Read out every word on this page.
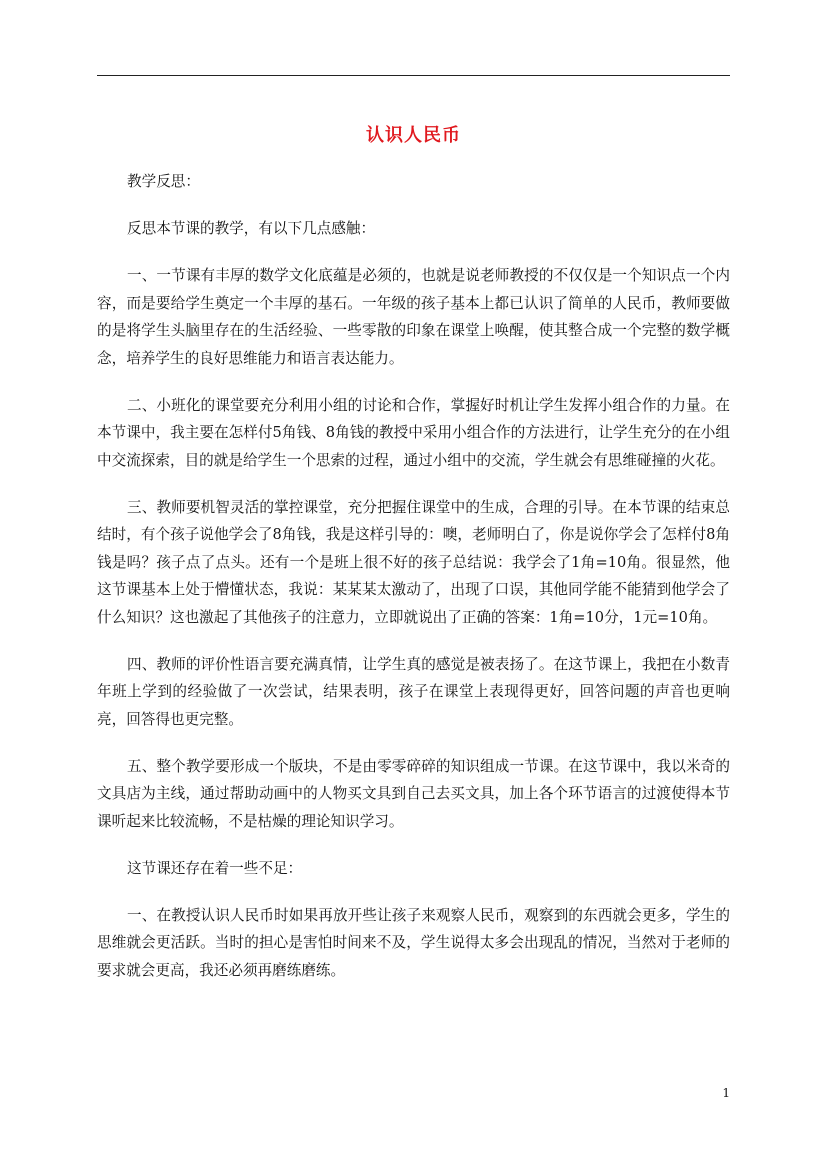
认识人民币

教学反思：

反思本节课的教学，有以下几点感触：

一、一节课有丰厚的数学文化底蕴是必须的，也就是说老师教授的不仅仅是一个知识点一个内容，而是要给学生奠定一个丰厚的基石。一年级的孩子基本上都已认识了简单的人民币，教师要做的是将学生头脑里存在的生活经验、一些零散的印象在课堂上唤醒，使其整合成一个完整的数学概念，培养学生的良好思维能力和语言表达能力。

二、小班化的课堂要充分利用小组的讨论和合作，掌握好时机让学生发挥小组合作的力量。在本节课中，我主要在怎样付5角钱、8角钱的教授中采用小组合作的方法进行，让学生充分的在小组中交流探索，目的就是给学生一个思索的过程，通过小组中的交流，学生就会有思维碰撞的火花。

三、教师要机智灵活的掌控课堂，充分把握住课堂中的生成，合理的引导。在本节课的结束总结时，有个孩子说他学会了8角钱，我是这样引导的：噢，老师明白了，你是说你学会了怎样付8角钱是吗？孩子点了点头。还有一个是班上很不好的孩子总结说：我学会了1角=10角。很显然，他这节课基本上处于懵懂状态，我说：某某某太激动了，出现了口误，其他同学能不能猜到他学会了什么知识？这也激起了其他孩子的注意力，立即就说出了正确的答案：1角=10分，1元=10角。

四、教师的评价性语言要充满真情，让学生真的感觉是被表扬了。在这节课上，我把在小数青年班上学到的经验做了一次尝试，结果表明，孩子在课堂上表现得更好，回答问题的声音也更响亮，回答得也更完整。

五、整个教学要形成一个版块，不是由零零碎碎的知识组成一节课。在这节课中，我以米奇的文具店为主线，通过帮助动画中的人物买文具到自己去买文具，加上各个环节语言的过渡使得本节课听起来比较流畅，不是枯燥的理论知识学习。

这节课还存在着一些不足：

一、在教授认识人民币时如果再放开些让孩子来观察人民币，观察到的东西就会更多，学生的思维就会更活跃。当时的担心是害怕时间来不及，学生说得太多会出现乱的情况，当然对于老师的要求就会更高，我还必须再磨练磨练。

1
